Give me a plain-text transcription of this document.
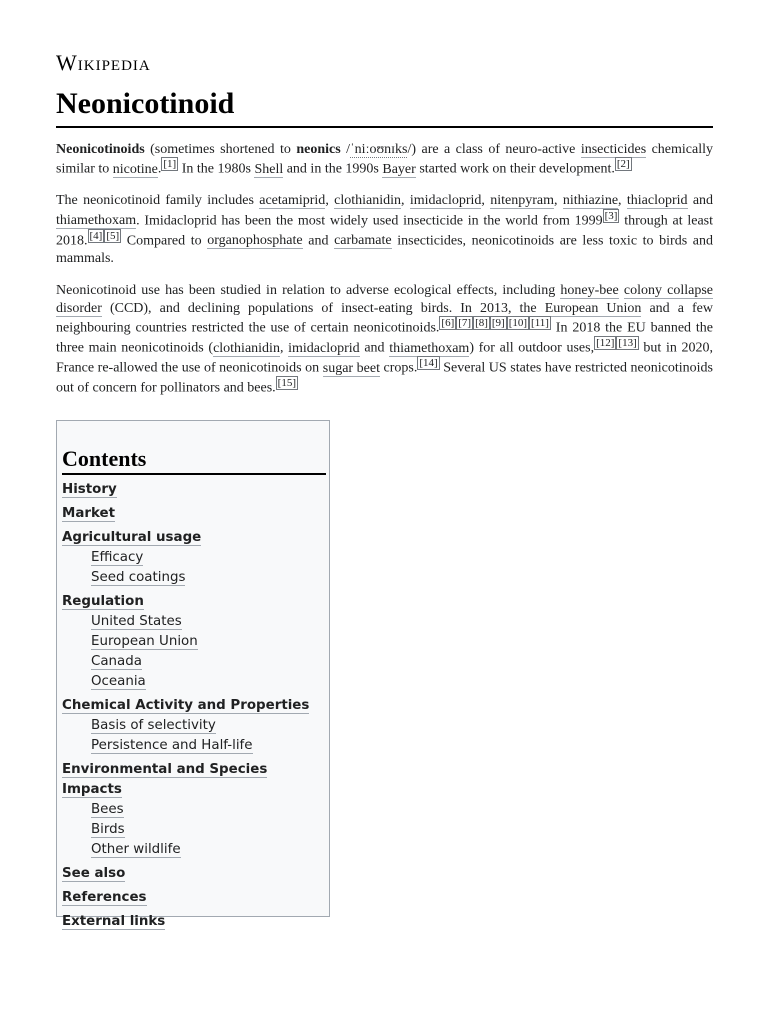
Wikipedia
Neonicotinoid

Neonicotinoids (sometimes shortened to neonics /ˈniːoʊnɪks/) are a class of neuro-active insecticides chemically similar to nicotine. [1] In the 1980s Shell and in the 1990s Bayer started work on their development. [2]

The neonicotinoid family includes acetamiprid, clothianidin, imidacloprid, nitenpyram, nithiazine, thiacloprid and thiamethoxam. Imidacloprid has been the most widely used insecticide in the world from 1999 [3] through at least 2018. [4] [5] Compared to organophosphate and carbamate insecticides, neonicotinoids are less toxic to birds and mammals.

Neonicotinoid use has been studied in relation to adverse ecological effects, including honey-bee colony collapse disorder (CCD), and declining populations of insect-eating birds. In 2013, the European Union and a few neighbouring countries restricted the use of certain neonicotinoids. [6] [7] [8] [9] [10] [11] In 2018 the EU banned the three main neonicotinoids (clothianidin, imidacloprid and thiamethoxam) for all outdoor uses, [12] [13] but in 2020, France re-allowed the use of neonicotinoids on sugar beet crops. [14] Several US states have restricted neonicotinoids out of concern for pollinators and bees. [15]

Contents
History
Market
Agricultural usage
Efficacy
Seed coatings
Regulation
United States
European Union
Canada
Oceania
Chemical Activity and Properties
Basis of selectivity
Persistence and Half-life
Environmental and Species Impacts
Bees
Birds
Other wildlife
See also
References
External links
